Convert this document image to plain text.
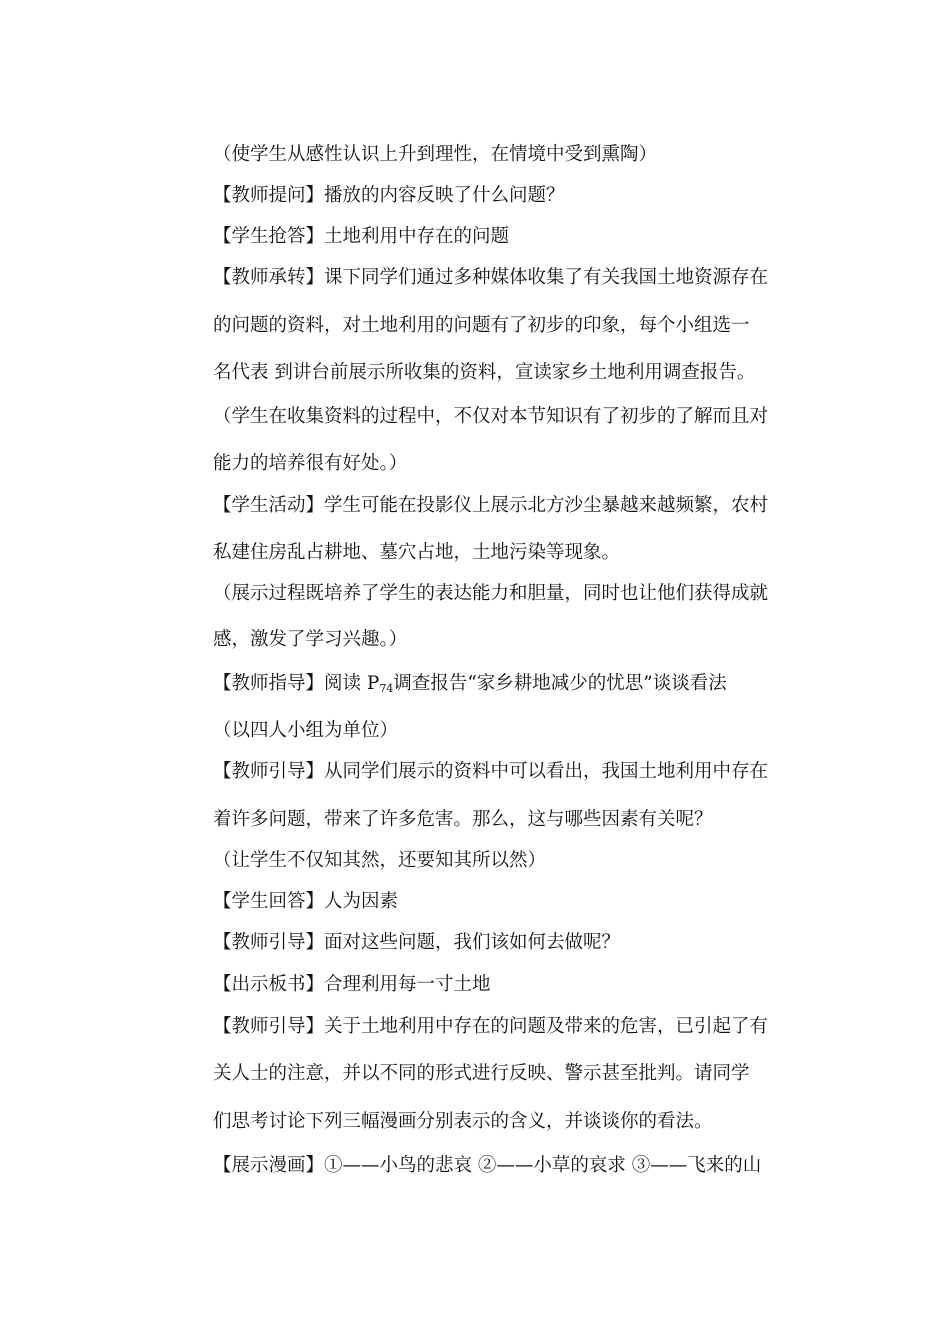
（使学生从感性认识上升到理性，在情境中受到熏陶）
【教师提问】播放的内容反映了什么问题？
【学生抢答】土地利用中存在的问题
【教师承转】课下同学们通过多种媒体收集了有关我国土地资源存在
的问题的资料，对土地利用的问题有了初步的印象，每个小组选一
名代表 到讲台前展示所收集的资料，宣读家乡土地利用调查报告。
（学生在收集资料的过程中，不仅对本节知识有了初步的了解而且对
能力的培养很有好处。）
【学生活动】学生可能在投影仪上展示北方沙尘暴越来越频繁，农村
私建住房乱占耕地、墓穴占地，土地污染等现象。
（展示过程既培养了学生的表达能力和胆量，同时也让他们获得成就
感，激发了学习兴趣。）
【教师指导】阅读 $P_{74}$调查报告“家乡耕地减少的忧思”谈谈看法
（以四人小组为单位）
【教师引导】从同学们展示的资料中可以看出，我国土地利用中存在
着许多问题，带来了许多危害。那么，这与哪些因素有关呢？
（让学生不仅知其然，还要知其所以然）
【学生回答】人为因素
【教师引导】面对这些问题，我们该如何去做呢？
【出示板书】合理利用每一寸土地
【教师引导】关于土地利用中存在的问题及带来的危害，已引起了有
关人士的注意，并以不同的形式进行反映、警示甚至批判。请同学
们思考讨论下列三幅漫画分别表示的含义，并谈谈你的看法。
【展示漫画】①——小鸟的悲哀 ②——小草的哀求 ③——飞来的山
